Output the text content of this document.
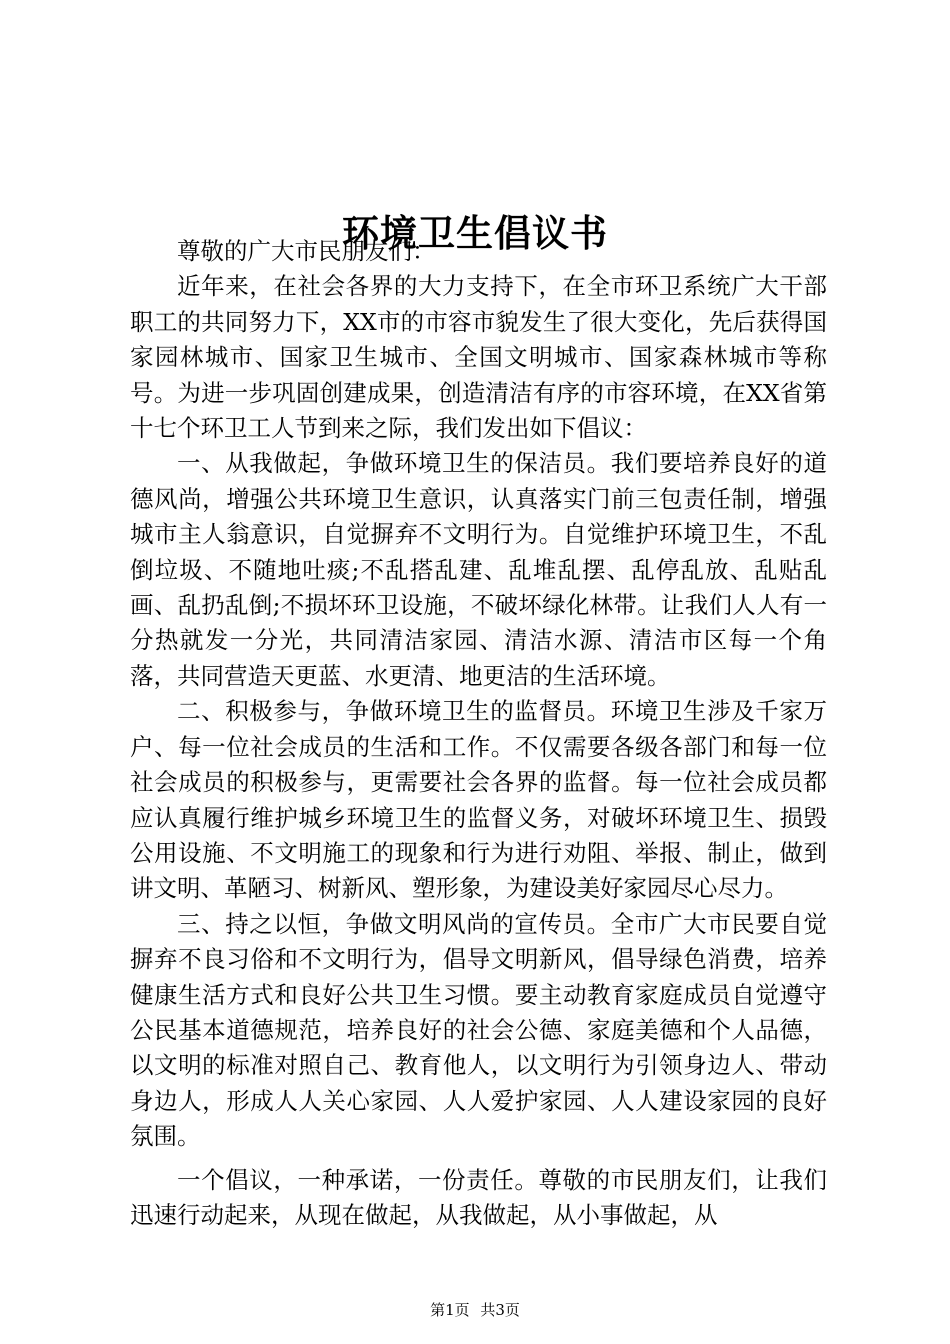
环境卫生倡议书

尊敬的广大市民朋友们：

近年来，在社会各界的大力支持下，在全市环卫系统广大干部职工的共同努力下，XX市的市容市貌发生了很大变化，先后获得国家园林城市、国家卫生城市、全国文明城市、国家森林城市等称号。为进一步巩固创建成果，创造清洁有序的市容环境，在XX省第十七个环卫工人节到来之际，我们发出如下倡议：

一、从我做起，争做环境卫生的保洁员。我们要培养良好的道德风尚，增强公共环境卫生意识，认真落实门前三包责任制，增强城市主人翁意识，自觉摒弃不文明行为。自觉维护环境卫生，不乱倒垃圾、不随地吐痰;不乱搭乱建、乱堆乱摆、乱停乱放、乱贴乱画、乱扔乱倒;不损坏环卫设施，不破坏绿化林带。让我们人人有一分热就发一分光，共同清洁家园、清洁水源、清洁市区每一个角落，共同营造天更蓝、水更清、地更洁的生活环境。

二、积极参与，争做环境卫生的监督员。环境卫生涉及千家万户、每一位社会成员的生活和工作。不仅需要各级各部门和每一位社会成员的积极参与，更需要社会各界的监督。每一位社会成员都应认真履行维护城乡环境卫生的监督义务，对破坏环境卫生、损毁公用设施、不文明施工的现象和行为进行劝阻、举报、制止，做到讲文明、革陋习、树新风、塑形象，为建设美好家园尽心尽力。

三、持之以恒，争做文明风尚的宣传员。全市广大市民要自觉摒弃不良习俗和不文明行为，倡导文明新风，倡导绿色消费，培养健康生活方式和良好公共卫生习惯。要主动教育家庭成员自觉遵守公民基本道德规范，培养良好的社会公德、家庭美德和个人品德，以文明的标准对照自己、教育他人，以文明行为引领身边人、带动身边人，形成人人关心家园、人人爱护家园、人人建设家园的良好氛围。

一个倡议，一种承诺，一份责任。尊敬的市民朋友们，让我们迅速行动起来，从现在做起，从我做起，从小事做起，从

第1页 共3页
